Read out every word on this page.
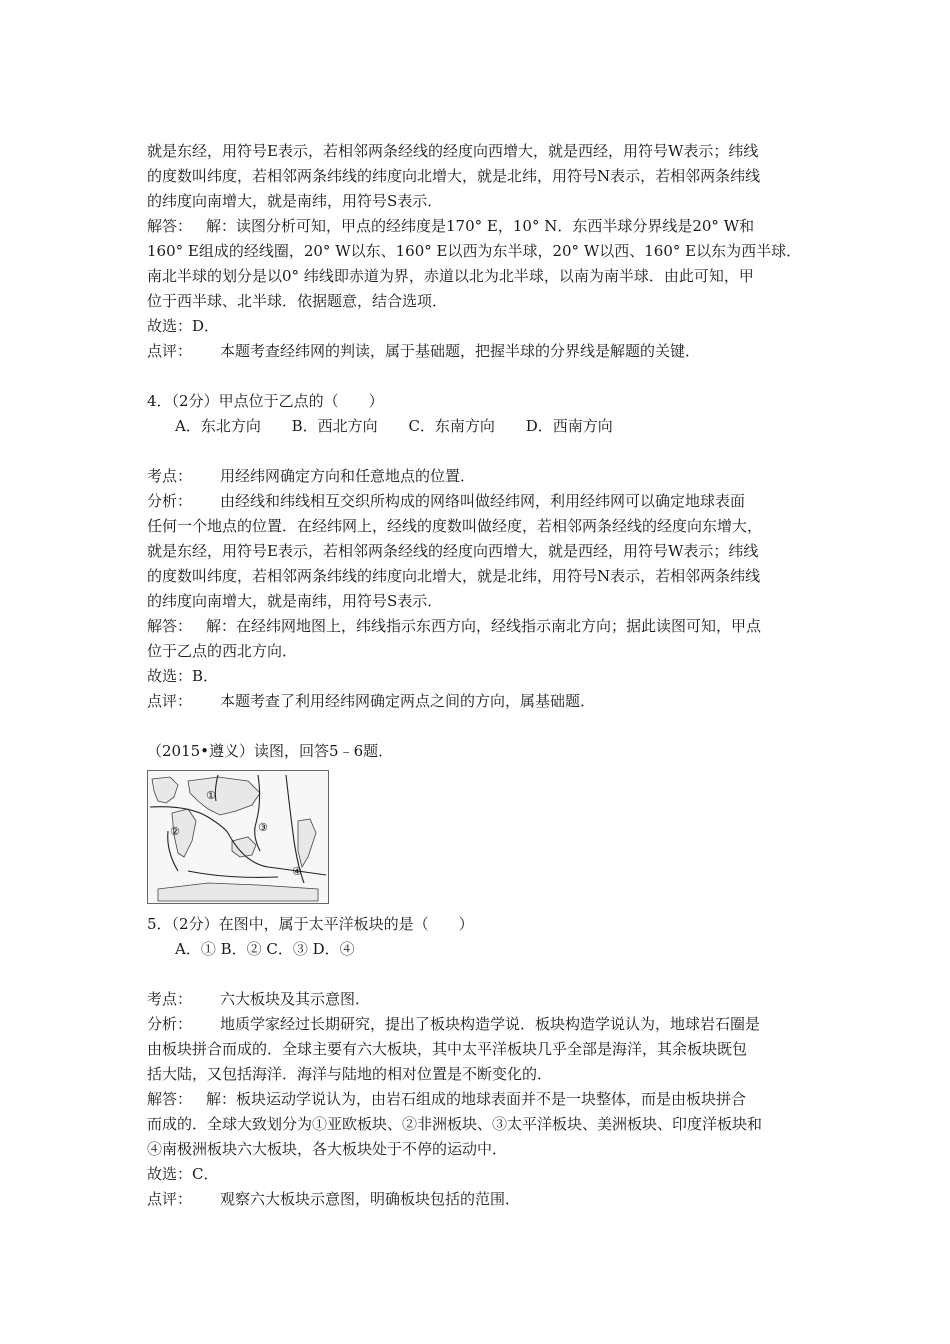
就是东经，用符号E表示，若相邻两条经线的经度向西增大，就是西经，用符号W表示；纬线
的度数叫纬度，若相邻两条纬线的纬度向北增大，就是北纬，用符号N表示，若相邻两条纬线
的纬度向南增大，就是南纬，用符号S表示．
解答： 解：读图分析可知，甲点的经纬度是170° E，10° N．东西半球分界线是20° W和
160° E组成的经线圈，20° W以东、160° E以西为东半球，20° W以西、160° E以东为西半球．
南北半球的划分是以0° 纬线即赤道为界，赤道以北为北半球，以南为南半球．由此可知，甲
位于西半球、北半球．依据题意，结合选项．
故选：D．
点评： 本题考查经纬网的判读，属于基础题，把握半球的分界线是解题的关键．
4．（2分）甲点位于乙点的（　　）
A．东北方向 B．西北方向 C．东南方向 D．西南方向
考点： 用经纬网确定方向和任意地点的位置．
分析： 由经线和纬线相互交织所构成的网络叫做经纬网，利用经纬网可以确定地球表面
任何一个地点的位置．在经纬网上，经线的度数叫做经度，若相邻两条经线的经度向东增大，
就是东经，用符号E表示，若相邻两条经线的经度向西增大，就是西经，用符号W表示；纬线
的度数叫纬度，若相邻两条纬线的纬度向北增大，就是北纬，用符号N表示，若相邻两条纬线
的纬度向南增大，就是南纬，用符号S表示．
解答： 解：在经纬网地图上，纬线指示东西方向，经线指示南北方向；据此读图可知，甲点
位于乙点的西北方向．
故选：B．
点评： 本题考查了利用经纬网确定两点之间的方向，属基础题．
（2015•遵义）读图，回答5﹣6题．
①
②	③
④
5．（2分）在图中，属于太平洋板块的是（　　）
A．① B．② C．③ D．④
考点： 六大板块及其示意图．
分析： 地质学家经过长期研究，提出了板块构造学说．板块构造学说认为，地球岩石圈是
由板块拼合而成的．全球主要有六大板块，其中太平洋板块几乎全部是海洋，其余板块既包
括大陆，又包括海洋．海洋与陆地的相对位置是不断变化的．
解答： 解：板块运动学说认为，由岩石组成的地球表面并不是一块整体，而是由板块拼合
而成的．全球大致划分为①亚欧板块、②非洲板块、③太平洋板块、美洲板块、印度洋板块和
④南极洲板块六大板块，各大板块处于不停的运动中．
故选：C．
点评： 观察六大板块示意图，明确板块包括的范围．
